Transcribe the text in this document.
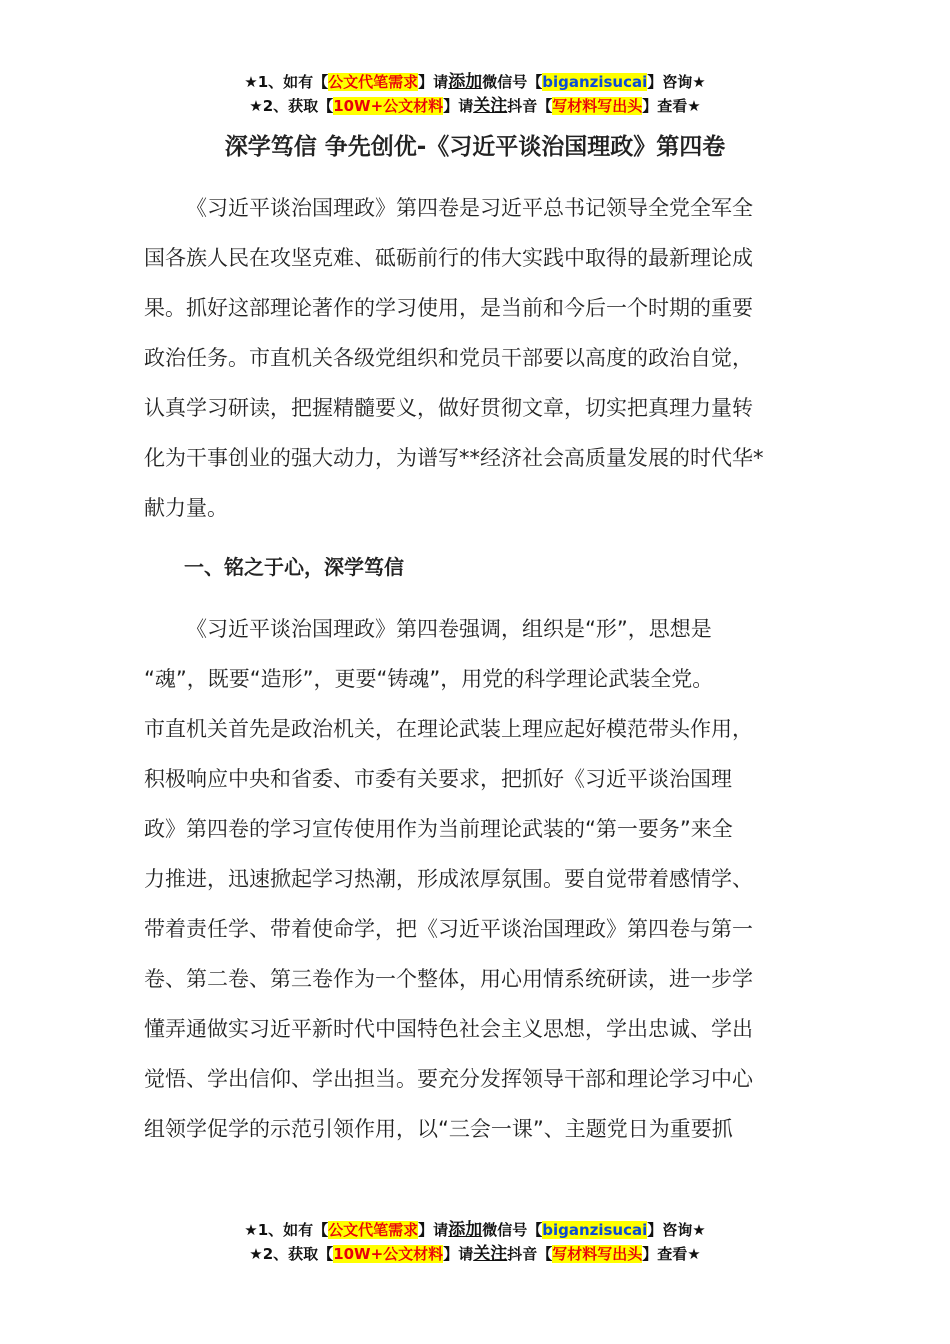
★1、如有【公文代笔需求】请添加微信号【biganzisucai】咨询★
★2、获取【10W+公文材料】请关注抖音【写材料写出头】查看★
深学笃信 争先创优-《习近平谈治国理政》第四卷
《习近平谈治国理政》第四卷是习近平总书记领导全党全军全
国各族人民在攻坚克难、砥砺前行的伟大实践中取得的最新理论成
果。抓好这部理论著作的学习使用，是当前和今后一个时期的重要
政治任务。市直机关各级党组织和党员干部要以高度的政治自觉，
认真学习研读，把握精髓要义，做好贯彻文章，切实把真理力量转
化为干事创业的强大动力，为谱写**经济社会高质量发展的时代华*
献力量。
一、铭之于心，深学笃信
《习近平谈治国理政》第四卷强调，组织是“形”，思想是
“魂”，既要“造形”，更要“铸魂”，用党的科学理论武装全党。
市直机关首先是政治机关，在理论武装上理应起好模范带头作用，
积极响应中央和省委、市委有关要求，把抓好《习近平谈治国理
政》第四卷的学习宣传使用作为当前理论武装的“第一要务”来全
力推进，迅速掀起学习热潮，形成浓厚氛围。要自觉带着感情学、
带着责任学、带着使命学，把《习近平谈治国理政》第四卷与第一
卷、第二卷、第三卷作为一个整体，用心用情系统研读，进一步学
懂弄通做实习近平新时代中国特色社会主义思想，学出忠诚、学出
觉悟、学出信仰、学出担当。要充分发挥领导干部和理论学习中心
组领学促学的示范引领作用，以“三会一课”、主题党日为重要抓
★1、如有【公文代笔需求】请添加微信号【biganzisucai】咨询★
★2、获取【10W+公文材料】请关注抖音【写材料写出头】查看★
